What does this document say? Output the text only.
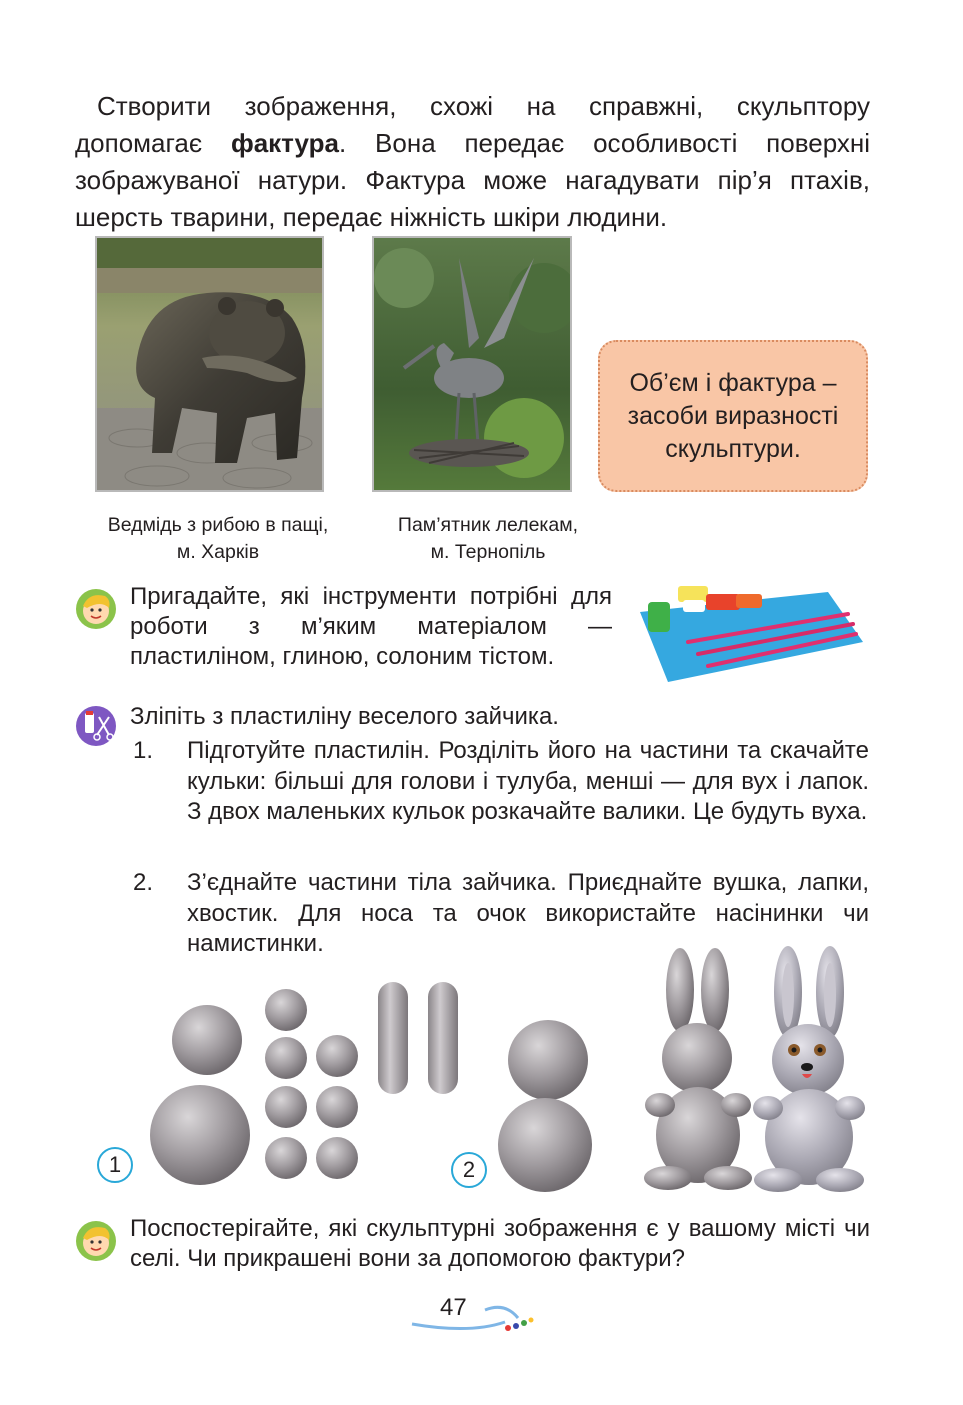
Створити зображення, схожі на справжні, скульптору допомагає фактура. Вона передає особливості поверхні зображуваної натури. Фактура може нагадувати пір’я птахів, шерсть тварини, передає ніжність шкіри людини.

Об’єм і фактура – засоби виразності скульптури.
Ведмідь з рибою в пащі,
м. Харків
Пам’ятник лелекам,
м. Тернопіль
Пригадайте, які інструменти потрібні для роботи з м’яким матеріалом — пластиліном, глиною, солоним тістом.
Зліпіть з пластиліну веселого зайчика.
1. Підготуйте пластилін. Розділіть його на частини та скачайте кульки: більші для голови і тулуба, менші — для вух і лапок. З двох маленьких кульок розкачайте валики. Це будуть вуха.
2. З’єднайте частини тіла зайчика. Приєднайте вушка, лапки, хвостик. Для носа та очок використайте насінинки чи намистинки.
1	2
Поспостерігайте, які скульптурні зображення є у вашому місті чи селі. Чи прикрашені вони за допомогою фактури?
47
